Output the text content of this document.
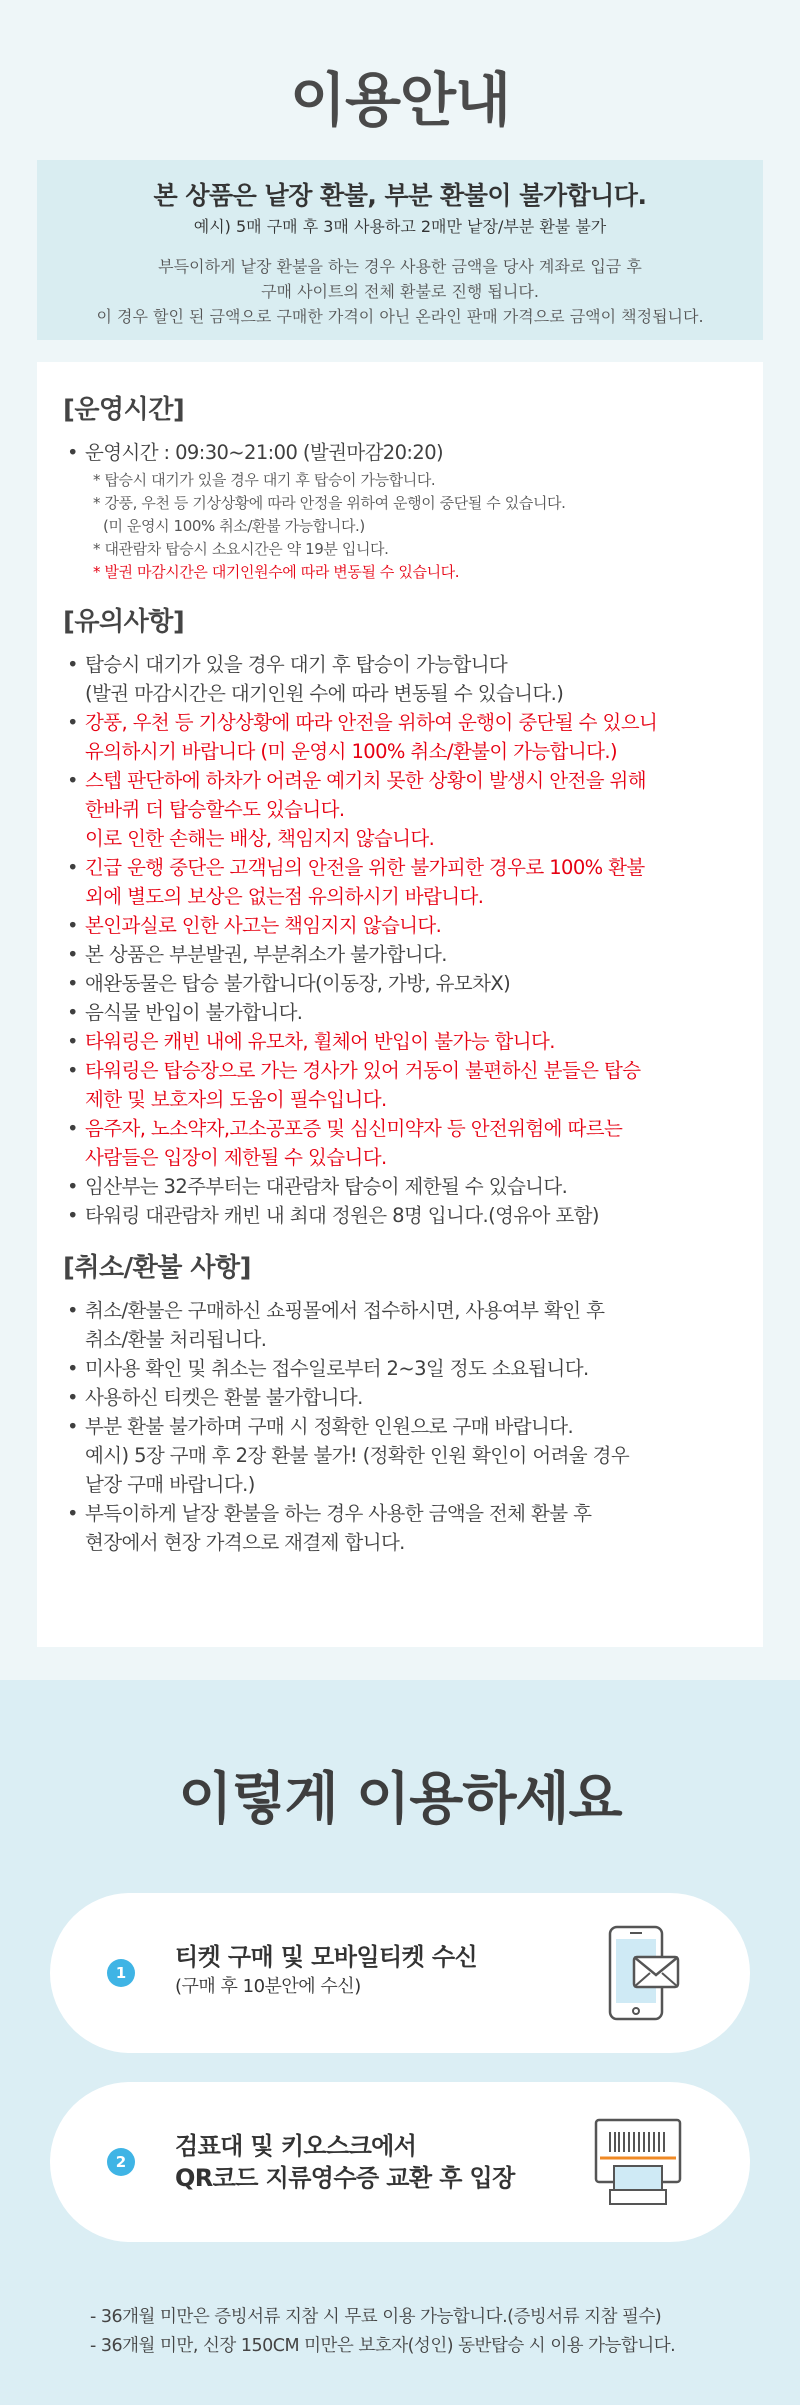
이용안내
본 상품은 낱장 환불, 부분 환불이 불가합니다.
예시) 5매 구매 후 3매 사용하고 2매만 낱장/부분 환불 불가
부득이하게 낱장 환불을 하는 경우 사용한 금액을 당사 계좌로 입금 후
구매 사이트의 전체 환불로 진행 됩니다.
이 경우 할인 된 금액으로 구매한 가격이 아닌 온라인 판매 가격으로 금액이 책정됩니다.
[운영시간]
• 운영시간 : 09:30~21:00 (발권마감20:20)
* 탑승시 대기가 있을 경우 대기 후 탑승이 가능합니다.
* 강풍, 우천 등 기상상황에 따라 안정을 위하여 운행이 중단될 수 있습니다.
(미 운영시 100% 취소/환불 가능합니다.)
* 대관람차 탑승시 소요시간은 약 19분 입니다.
* 발권 마감시간은 대기인원수에 따라 변동될 수 있습니다.
[유의사항]
• 탑승시 대기가 있을 경우 대기 후 탑승이 가능합니다
(발권 마감시간은 대기인원 수에 따라 변동될 수 있습니다.)
• 강풍, 우천 등 기상상황에 따라 안전을 위하여 운행이 중단될 수 있으니
유의하시기 바랍니다 (미 운영시 100% 취소/환불이 가능합니다.)
• 스텝 판단하에 하차가 어려운 예기치 못한 상황이 발생시 안전을 위해
한바퀴 더 탑승할수도 있습니다.
이로 인한 손해는 배상, 책임지지 않습니다.
• 긴급 운행 중단은 고객님의 안전을 위한 불가피한 경우로 100% 환불
외에 별도의 보상은 없는점 유의하시기 바랍니다.
• 본인과실로 인한 사고는 책임지지 않습니다.
• 본 상품은 부분발권, 부분취소가 불가합니다.
• 애완동물은 탑승 불가합니다(이동장, 가방, 유모차X)
• 음식물 반입이 불가합니다.
• 타워링은 캐빈 내에 유모차, 휠체어 반입이 불가능 합니다.
• 타워링은 탑승장으로 가는 경사가 있어 거동이 불편하신 분들은 탑승
제한 및 보호자의 도움이 필수입니다.
• 음주자, 노소약자,고소공포증 및 심신미약자 등 안전위험에 따르는
사람들은 입장이 제한될 수 있습니다.
• 임산부는 32주부터는 대관람차 탑승이 제한될 수 있습니다.
• 타워링 대관람차 캐빈 내 최대 정원은 8명 입니다.(영유아 포함)
[취소/환불 사항]
• 취소/환불은 구매하신 쇼핑몰에서 접수하시면, 사용여부 확인 후
취소/환불 처리됩니다.
• 미사용 확인 및 취소는 접수일로부터 2~3일 정도 소요됩니다.
• 사용하신 티켓은 환불 불가합니다.
• 부분 환불 불가하며 구매 시 정확한 인원으로 구매 바랍니다.
예시) 5장 구매 후 2장 환불 불가! (정확한 인원 확인이 어려울 경우
낱장 구매 바랍니다.)
• 부득이하게 낱장 환불을 하는 경우 사용한 금액을 전체 환불 후
현장에서 현장 가격으로 재결제 합니다.
이렇게 이용하세요
1
티켓 구매 및 모바일티켓 수신
(구매 후 10분안에 수신)
2
검표대 및 키오스크에서
QR코드 지류영수증 교환 후 입장
- 36개월 미만은 증빙서류 지참 시 무료 이용 가능합니다.(증빙서류 지참 필수)
- 36개월 미만, 신장 150CM 미만은 보호자(성인) 동반탑승 시 이용 가능합니다.
